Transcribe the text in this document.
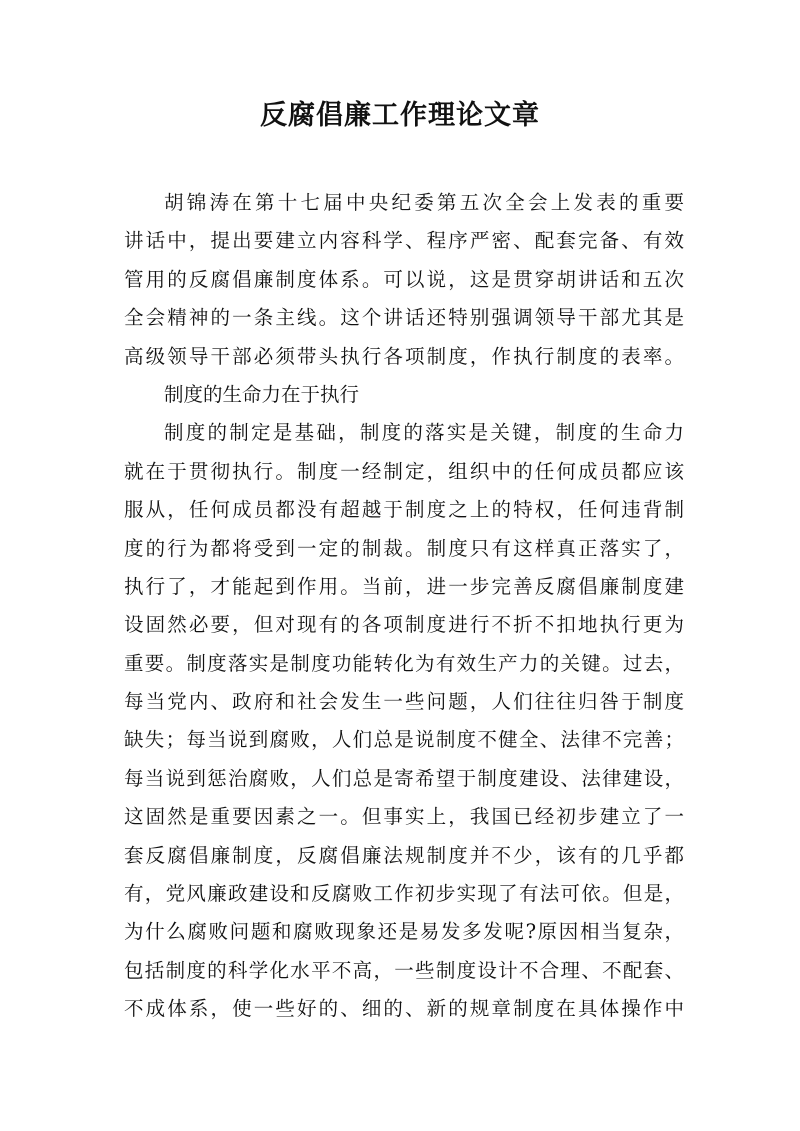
反腐倡廉工作理论文章
胡锦涛在第十七届中央纪委第五次全会上发表的重要
讲话中，提出要建立内容科学、程序严密、配套完备、有效
管用的反腐倡廉制度体系。可以说，这是贯穿胡讲话和五次
全会精神的一条主线。这个讲话还特别强调领导干部尤其是
高级领导干部必须带头执行各项制度，作执行制度的表率。
制度的生命力在于执行
制度的制定是基础，制度的落实是关键，制度的生命力
就在于贯彻执行。制度一经制定，组织中的任何成员都应该
服从，任何成员都没有超越于制度之上的特权，任何违背制
度的行为都将受到一定的制裁。制度只有这样真正落实了，
执行了，才能起到作用。当前，进一步完善反腐倡廉制度建
设固然必要，但对现有的各项制度进行不折不扣地执行更为
重要。制度落实是制度功能转化为有效生产力的关键。过去，
每当党内、政府和社会发生一些问题，人们往往归咎于制度
缺失；每当说到腐败，人们总是说制度不健全、法律不完善；
每当说到惩治腐败，人们总是寄希望于制度建设、法律建设，
这固然是重要因素之一。但事实上，我国已经初步建立了一
套反腐倡廉制度，反腐倡廉法规制度并不少，该有的几乎都
有，党风廉政建设和反腐败工作初步实现了有法可依。但是，
为什么腐败问题和腐败现象还是易发多发呢?原因相当复杂，
包括制度的科学化水平不高，一些制度设计不合理、不配套、
不成体系，使一些好的、细的、新的规章制度在具体操作中
